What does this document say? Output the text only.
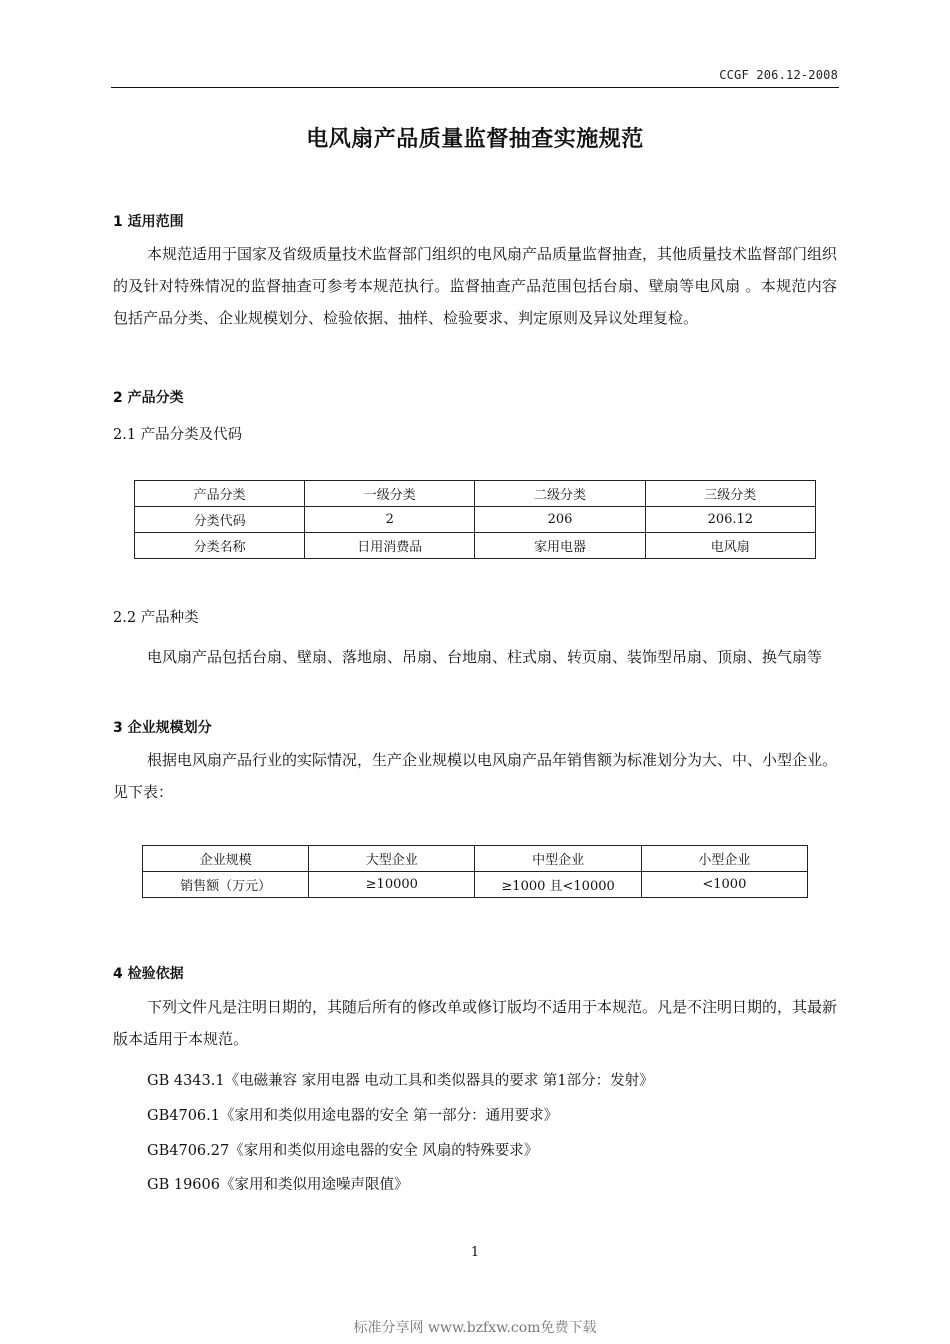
CCGF 206.12-2008
电风扇产品质量监督抽查实施规范
1 适用范围
本规范适用于国家及省级质量技术监督部门组织的电风扇产品质量监督抽查，其他质量技术监督部门组织的及针对特殊情况的监督抽查可参考本规范执行。监督抽查产品范围包括台扇、壁扇等电风扇 。本规范内容包括产品分类、企业规模划分、检验依据、抽样、检验要求、判定原则及异议处理复检。
2 产品分类
2.1 产品分类及代码
产品分类	一级分类	二级分类	三级分类
分类代码	2	206	206.12
分类名称	日用消费品	家用电器	电风扇
2.2 产品种类
电风扇产品包括台扇、壁扇、落地扇、吊扇、台地扇、柱式扇、转页扇、装饰型吊扇、顶扇、换气扇等
3 企业规模划分
根据电风扇产品行业的实际情况，生产企业规模以电风扇产品年销售额为标准划分为大、中、小型企业。见下表：
企业规模	大型企业	中型企业	小型企业
销售额（万元）	≥10000	≥1000 且<10000	<1000
4 检验依据
下列文件凡是注明日期的，其随后所有的修改单或修订版均不适用于本规范。凡是不注明日期的，其最新版本适用于本规范。
GB 4343.1《电磁兼容 家用电器 电动工具和类似器具的要求 第1部分：发射》
GB4706.1《家用和类似用途电器的安全 第一部分：通用要求》
GB4706.27《家用和类似用途电器的安全 风扇的特殊要求》
GB 19606《家用和类似用途噪声限值》
1
标准分享网 www.bzfxw.com免费下载
